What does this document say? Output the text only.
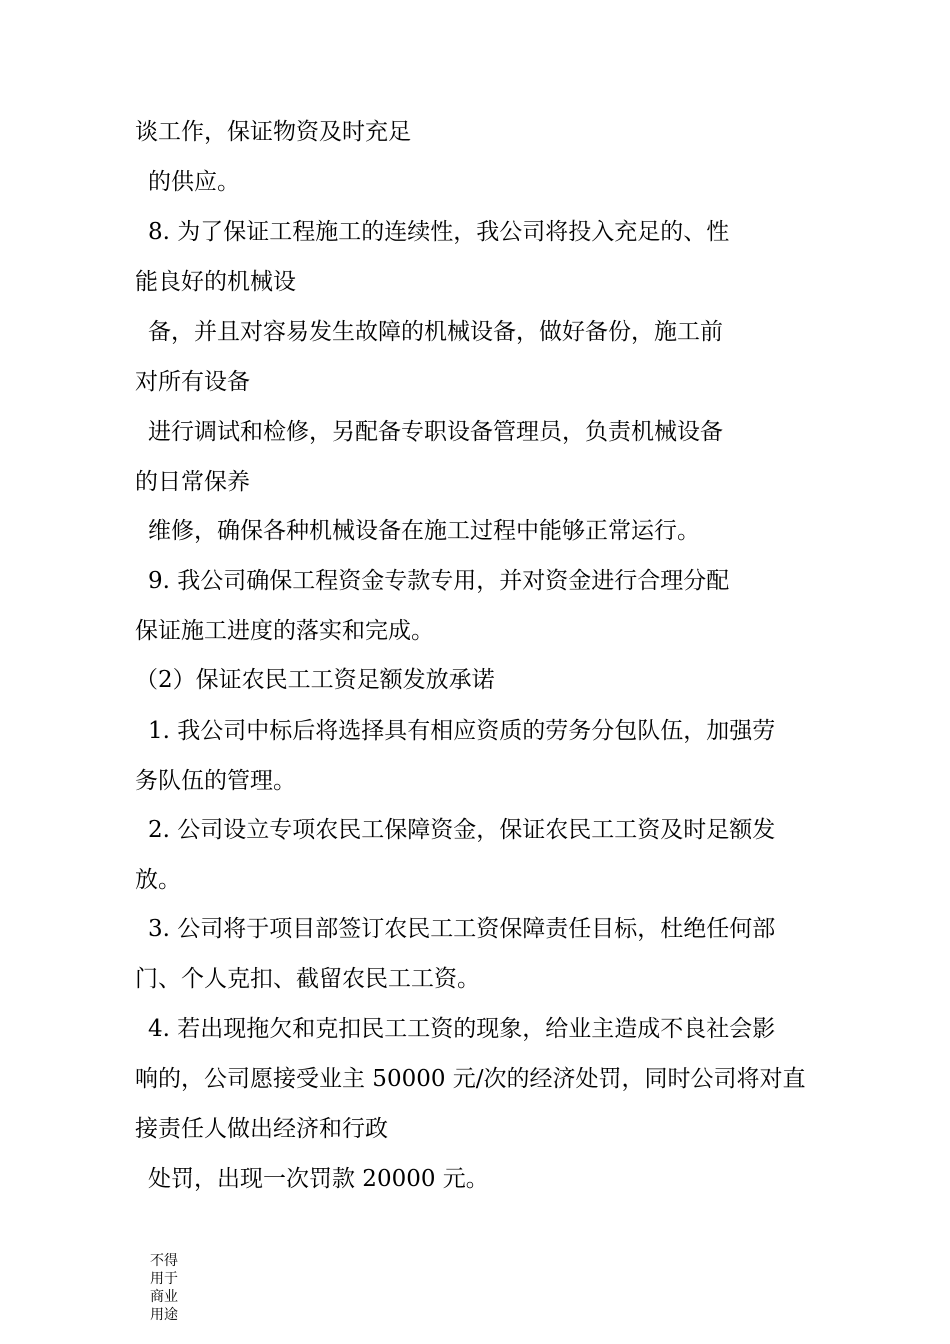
谈工作，保证物资及时充足

的供应。

8. 为了保证工程施工的连续性，我公司将投入充足的、性

能良好的机械设

备，并且对容易发生故障的机械设备，做好备份，施工前

对所有设备

进行调试和检修，另配备专职设备管理员，负责机械设备

的日常保养

维修，确保各种机械设备在施工过程中能够正常运行。

9. 我公司确保工程资金专款专用，并对资金进行合理分配

保证施工进度的落实和完成。

（2）保证农民工工资足额发放承诺

1. 我公司中标后将选择具有相应资质的劳务分包队伍，加强劳

务队伍的管理。

2. 公司设立专项农民工保障资金，保证农民工工资及时足额发

放。

3. 公司将于项目部签订农民工工资保障责任目标，杜绝任何部

门、个人克扣、截留农民工工资。

4. 若出现拖欠和克扣民工工资的现象，给业主造成不良社会影

响的，公司愿接受业主 50000 元/次的经济处罚，同时公司将对直

接责任人做出经济和行政

处罚，出现一次罚款 20000 元。

不得
用于
商业
用途
